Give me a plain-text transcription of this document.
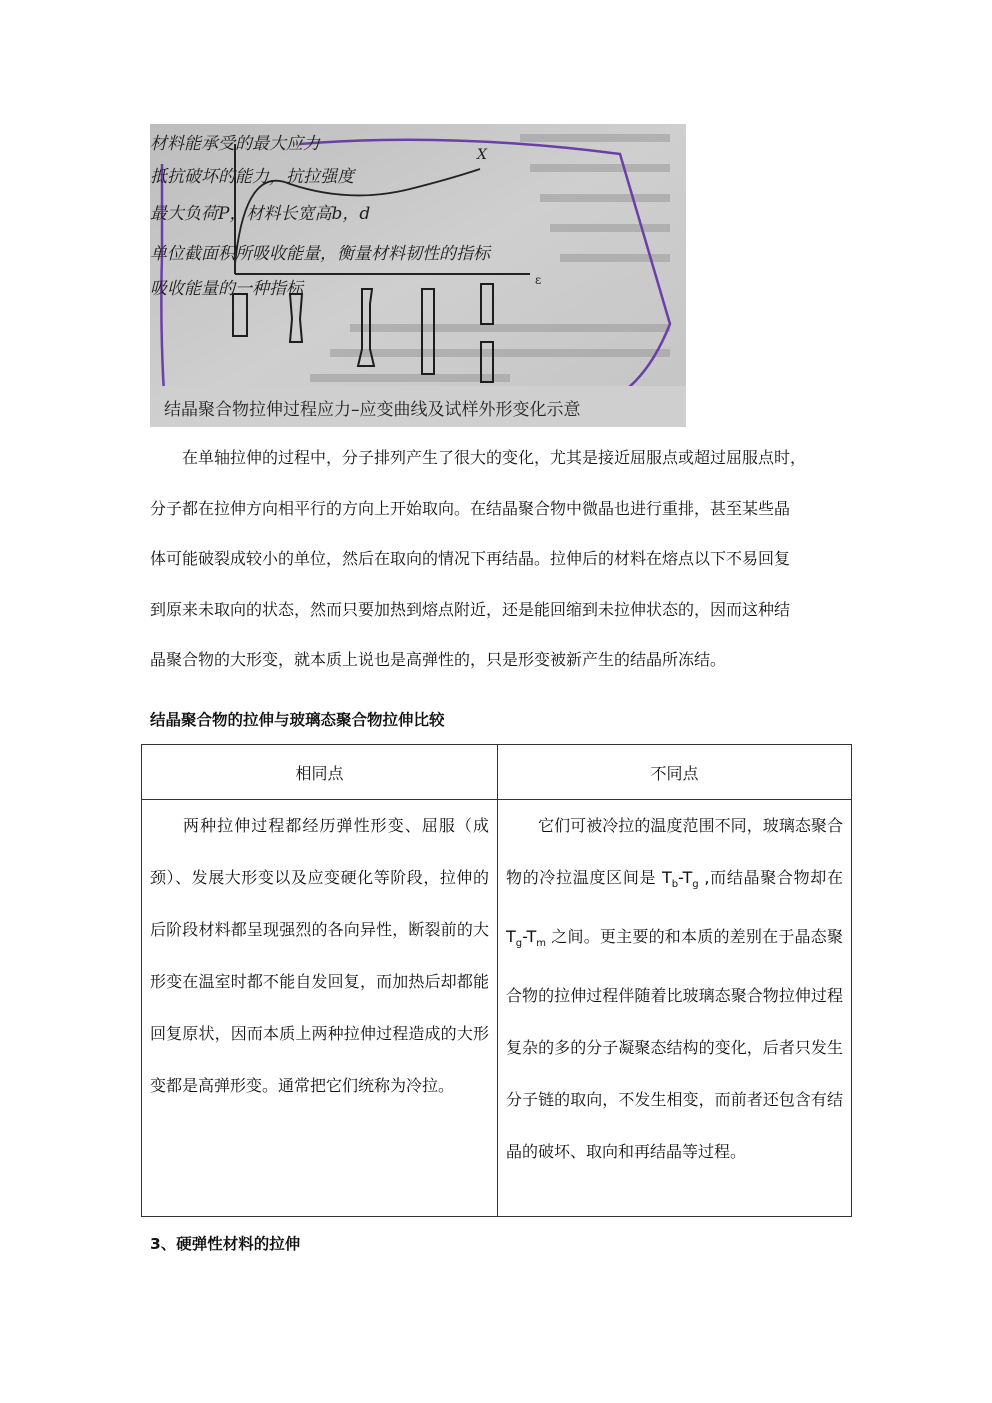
ε
X
材料能承受的最大应力
抵抗破坏的能力，抗拉强度
最大负荷P，材料长宽高b，d
单位截面积所吸收能量，衡量材料韧性的指标
吸收能量的一种指标
结晶聚合物拉伸过程应力–应变曲线及试样外形变化示意

在单轴拉伸的过程中，分子排列产生了很大的变化，尤其是接近屈服点或超过屈服点时，

分子都在拉伸方向相平行的方向上开始取向。在结晶聚合物中微晶也进行重排，甚至某些晶

体可能破裂成较小的单位，然后在取向的情况下再结晶。拉伸后的材料在熔点以下不易回复

到原来未取向的状态，然而只要加热到熔点附近，还是能回缩到未拉伸状态的，因而这种结

晶聚合物的大形变，就本质上说也是高弹性的，只是形变被新产生的结晶所冻结。

结晶聚合物的拉伸与玻璃态聚合物拉伸比较
相同点	不同点
两种拉伸过程都经历弹性形变、屈服（成颈）、发展大形变以及应变硬化等阶段，拉伸的后阶段材料都呈现强烈的各向异性，断裂前的大形变在温室时都不能自发回复，而加热后却都能回复原状，因而本质上两种拉伸过程造成的大形变都是高弹形变。通常把它们统称为冷拉。	它们可被冷拉的温度范围不同，玻璃态聚合物的冷拉温度区间是 $T_b-T_g$ ,而结晶聚合物却在 $T_g-T_m$ 之间。更主要的和本质的差别在于晶态聚合物的拉伸过程伴随着比玻璃态聚合物拉伸过程复杂的多的分子凝聚态结构的变化，后者只发生分子链的取向，不发生相变，而前者还包含有结晶的破坏、取向和再结晶等过程。
3、硬弹性材料的拉伸
